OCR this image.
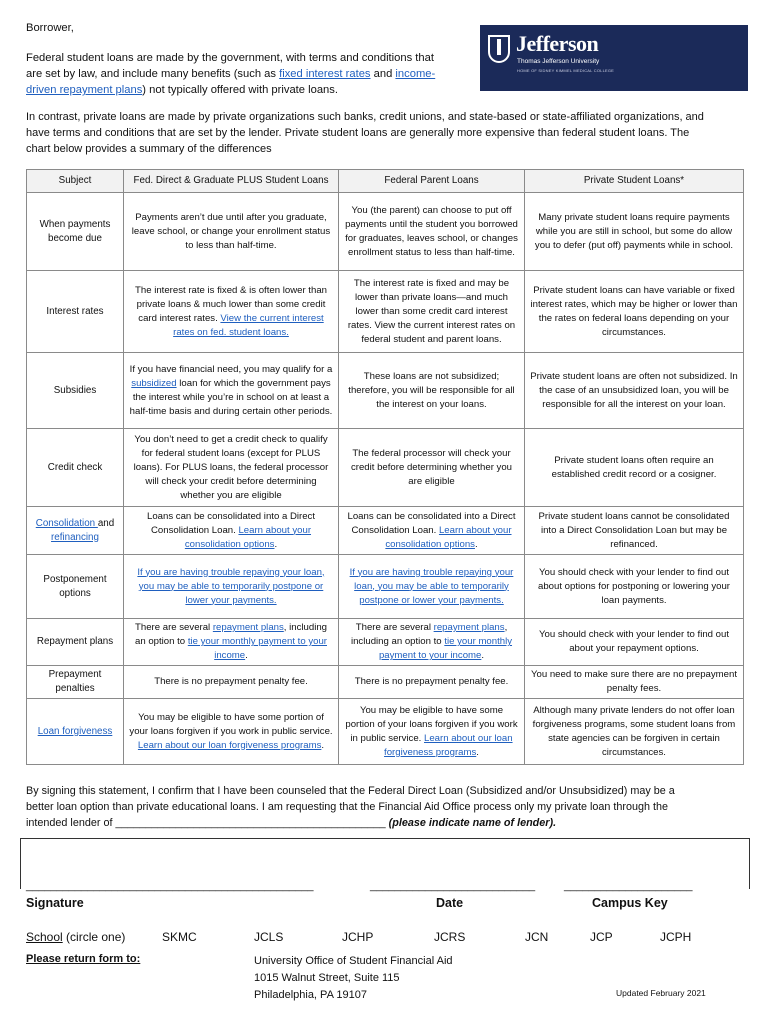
Borrower,
Federal student loans are made by the government, with terms and conditions that
are set by law, and include many benefits (such as fixed interest rates and income-
driven repayment plans) not typically offered with private loans.
Jefferson
Thomas Jefferson University
HOME OF SIDNEY KIMMEL MEDICAL COLLEGE
In contrast, private loans are made by private organizations such banks, credit unions, and state-based or state-affiliated organizations, and
have terms and conditions that are set by the lender. Private student loans are generally more expensive than federal student loans. The
chart below provides a summary of the differences
Subject	Fed. Direct & Graduate PLUS Student Loans	Federal Parent Loans	Private Student Loans*
When payments become due	Payments aren’t due until after you graduate, leave school, or change your enrollment status to less than half-time.	You (the parent) can choose to put off payments until the student you borrowed for graduates, leaves school, or changes enrollment status to less than half-time.	Many private student loans require payments while you are still in school, but some do allow you to defer (put off) payments while in school.
Interest rates	The interest rate is fixed & is often lower than private loans & much lower than some credit card interest rates. View the current interest rates on fed. student loans.	The interest rate is fixed and may be lower than private loans—and much lower than some credit card interest rates. View the current interest rates on federal student and parent loans.	Private student loans can have variable or fixed interest rates, which may be higher or lower than the rates on federal loans depending on your circumstances.
Subsidies	If you have financial need, you may qualify for a subsidized loan for which the government pays the interest while you’re in school on at least a half-time basis and during certain other periods.	These loans are not subsidized; therefore, you will be responsible for all the interest on your loans.	Private student loans are often not subsidized. In the case of an unsubsidized loan, you will be responsible for all the interest on your loan.
Credit check	You don’t need to get a credit check to qualify for federal student loans (except for PLUS loans). For PLUS loans, the federal processor will check your credit before determining whether you are eligible	The federal processor will check your credit before determining whether you are eligible	Private student loans often require an established credit record or a cosigner.
Consolidation and
refinancing	Loans can be consolidated into a Direct Consolidation Loan. Learn about your consolidation options.	Loans can be consolidated into a Direct Consolidation Loan. Learn about your consolidation options.	Private student loans cannot be consolidated into a Direct Consolidation Loan but may be refinanced.
Postponement options	If you are having trouble repaying your loan, you may be able to temporarily postpone or lower your payments.	If you are having trouble repaying your loan, you may be able to temporarily postpone or lower your payments.	You should check with your lender to find out about options for postponing or lowering your loan payments.
Repayment plans	There are several repayment plans, including an option to tie your monthly payment to your income.	There are several repayment plans, including an option to tie your monthly payment to your income.	You should check with your lender to find out about your repayment options.
Prepayment penalties	There is no prepayment penalty fee.	There is no prepayment penalty fee.	You need to make sure there are no prepayment penalty fees.
Loan forgiveness	You may be eligible to have some portion of your loans forgiven if you work in public service. Learn about our loan forgiveness programs.	You may be eligible to have some portion of your loans forgiven if you work in public service. Learn about our loan forgiveness programs.	Although many private lenders do not offer loan forgiveness programs, some student loans from state agencies can be forgiven in certain circumstances.
By signing this statement, I confirm that I have been counseled that the Federal Direct Loan (Subsidized and/or Unsubsidized) may be a
better loan option than private educational loans. I am requesting that the Financial Aid Office process only my private loan through the
intended lender of _____________________________________________ (please indicate name of lender).
_______________________________________________	___________________________	_____________________
Signature	Date	Campus Key
School (circle one)	SKMC	JCLS	JCHP	JCRS	JCN	JCP	JCPH
Please return form to:	University Office of Student Financial Aid
1015 Walnut Street, Suite 115
Philadelphia, PA 19107	Updated February 2021
